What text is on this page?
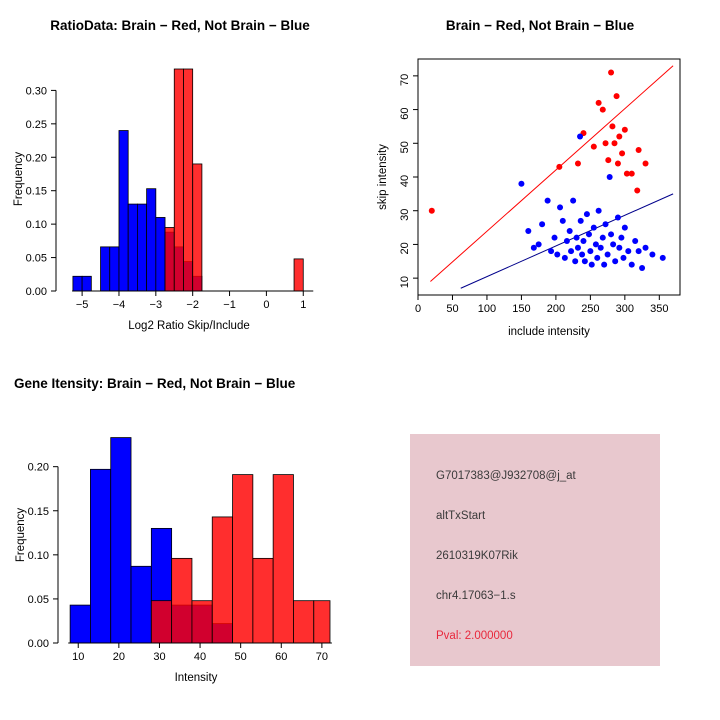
RatioData: Brain − Red, Not Brain − Blue
−5 −4 −3 −2 −1	0	1
0.00
0.05
0.10
0.15
0.20
0.25
0.30
Log2 Ratio Skip/Include
Frequency
Brain − Red, Not Brain − Blue
0 50 100 150 200 250 300 350
10
20
30
40
50
60
70
include intensity
skip intensity
Gene Itensity: Brain − Red, Not Brain − Blue
10	20	30	40	50	60	70
0.00
0.05
0.10
0.15
0.20
Intensity
Frequency
G7017383@J932708@j_at
altTxStart
2610319K07Rik
chr4.17063−1.s
Pval: 2.000000
